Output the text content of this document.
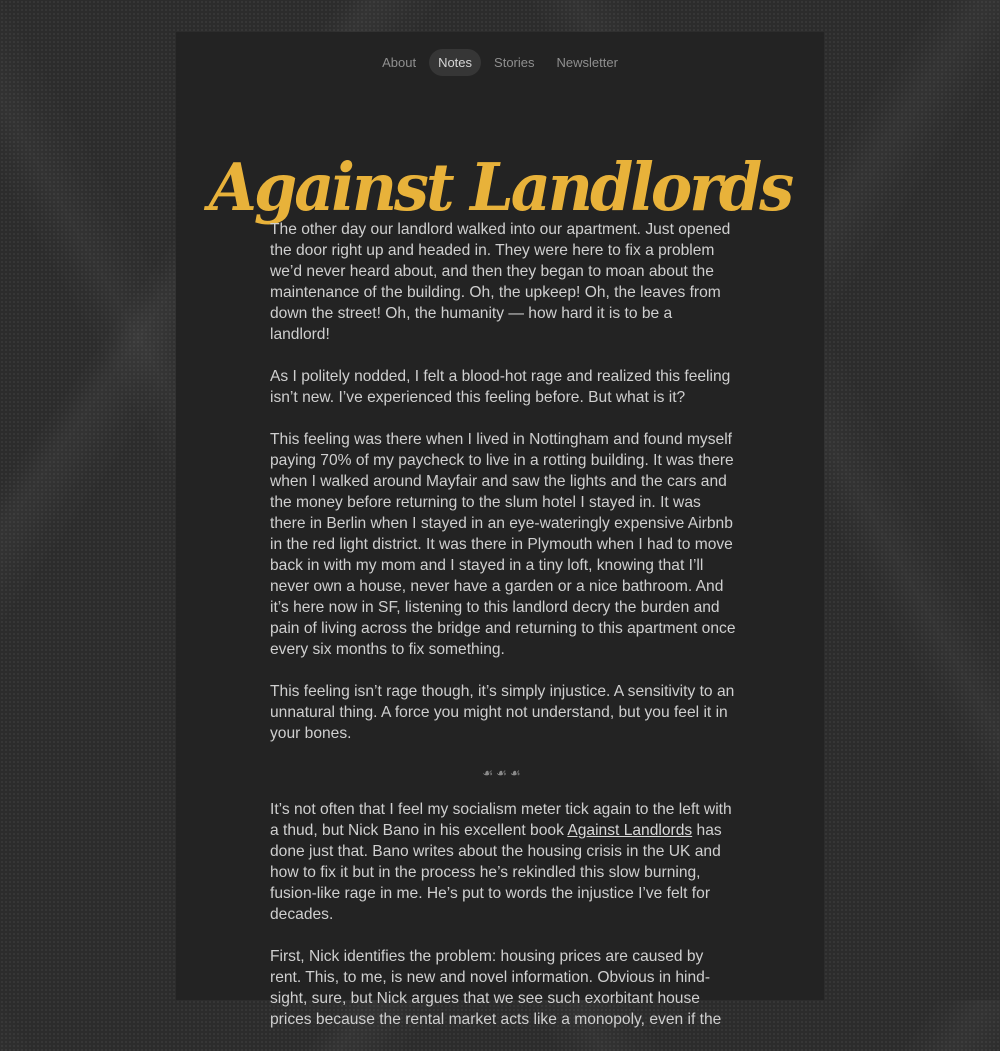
About	Notes	Stories	Newsletter
Against Landlords

The other day our landlord walked into our apartment. Just opened the door right up and headed in. They were here to fix a problem we’d never heard about, and then they began to moan about the maintenance of the building. Oh, the upkeep! Oh, the leaves from down the street! Oh, the humanity — how hard it is to be a landlord!

As I politely nodded, I felt a blood-hot rage and realized this feeling isn’t new. I’ve experienced this feeling before. But what is it?

This feeling was there when I lived in Nottingham and found myself paying 70% of my paycheck to live in a rotting building. It was there when I walked around Mayfair and saw the lights and the cars and the money before returning to the slum hotel I stayed in. It was there in Berlin when I stayed in an eye-wateringly expensive Airbnb in the red light district. It was there in Plymouth when I had to move back in with my mom and I stayed in a tiny loft, knowing that I’ll never own a house, never have a garden or a nice bathroom. And it’s here now in SF, listening to this landlord decry the burden and pain of living across the bridge and returning to this apartment once every six months to fix something.

This feeling isn’t rage though, it’s simply injustice. A sensitivity to an unnatural thing. A force you might not understand, but you feel it in your bones.

☙☙☙

It’s not often that I feel my socialism meter tick again to the left with a thud, but Nick Bano in his excellent book Against Landlords has done just that. Bano writes about the housing crisis in the UK and how to fix it but in the process he’s rekindled this slow burning, fusion-like rage in me. He’s put to words the injustice I’ve felt for decades.

First, Nick identifies the problem: housing prices are caused by rent. This, to me, is new and novel information. Obvious in hind-sight, sure, but Nick argues that we see such exorbitant house prices because the rental market acts like a monopoly, even if the
